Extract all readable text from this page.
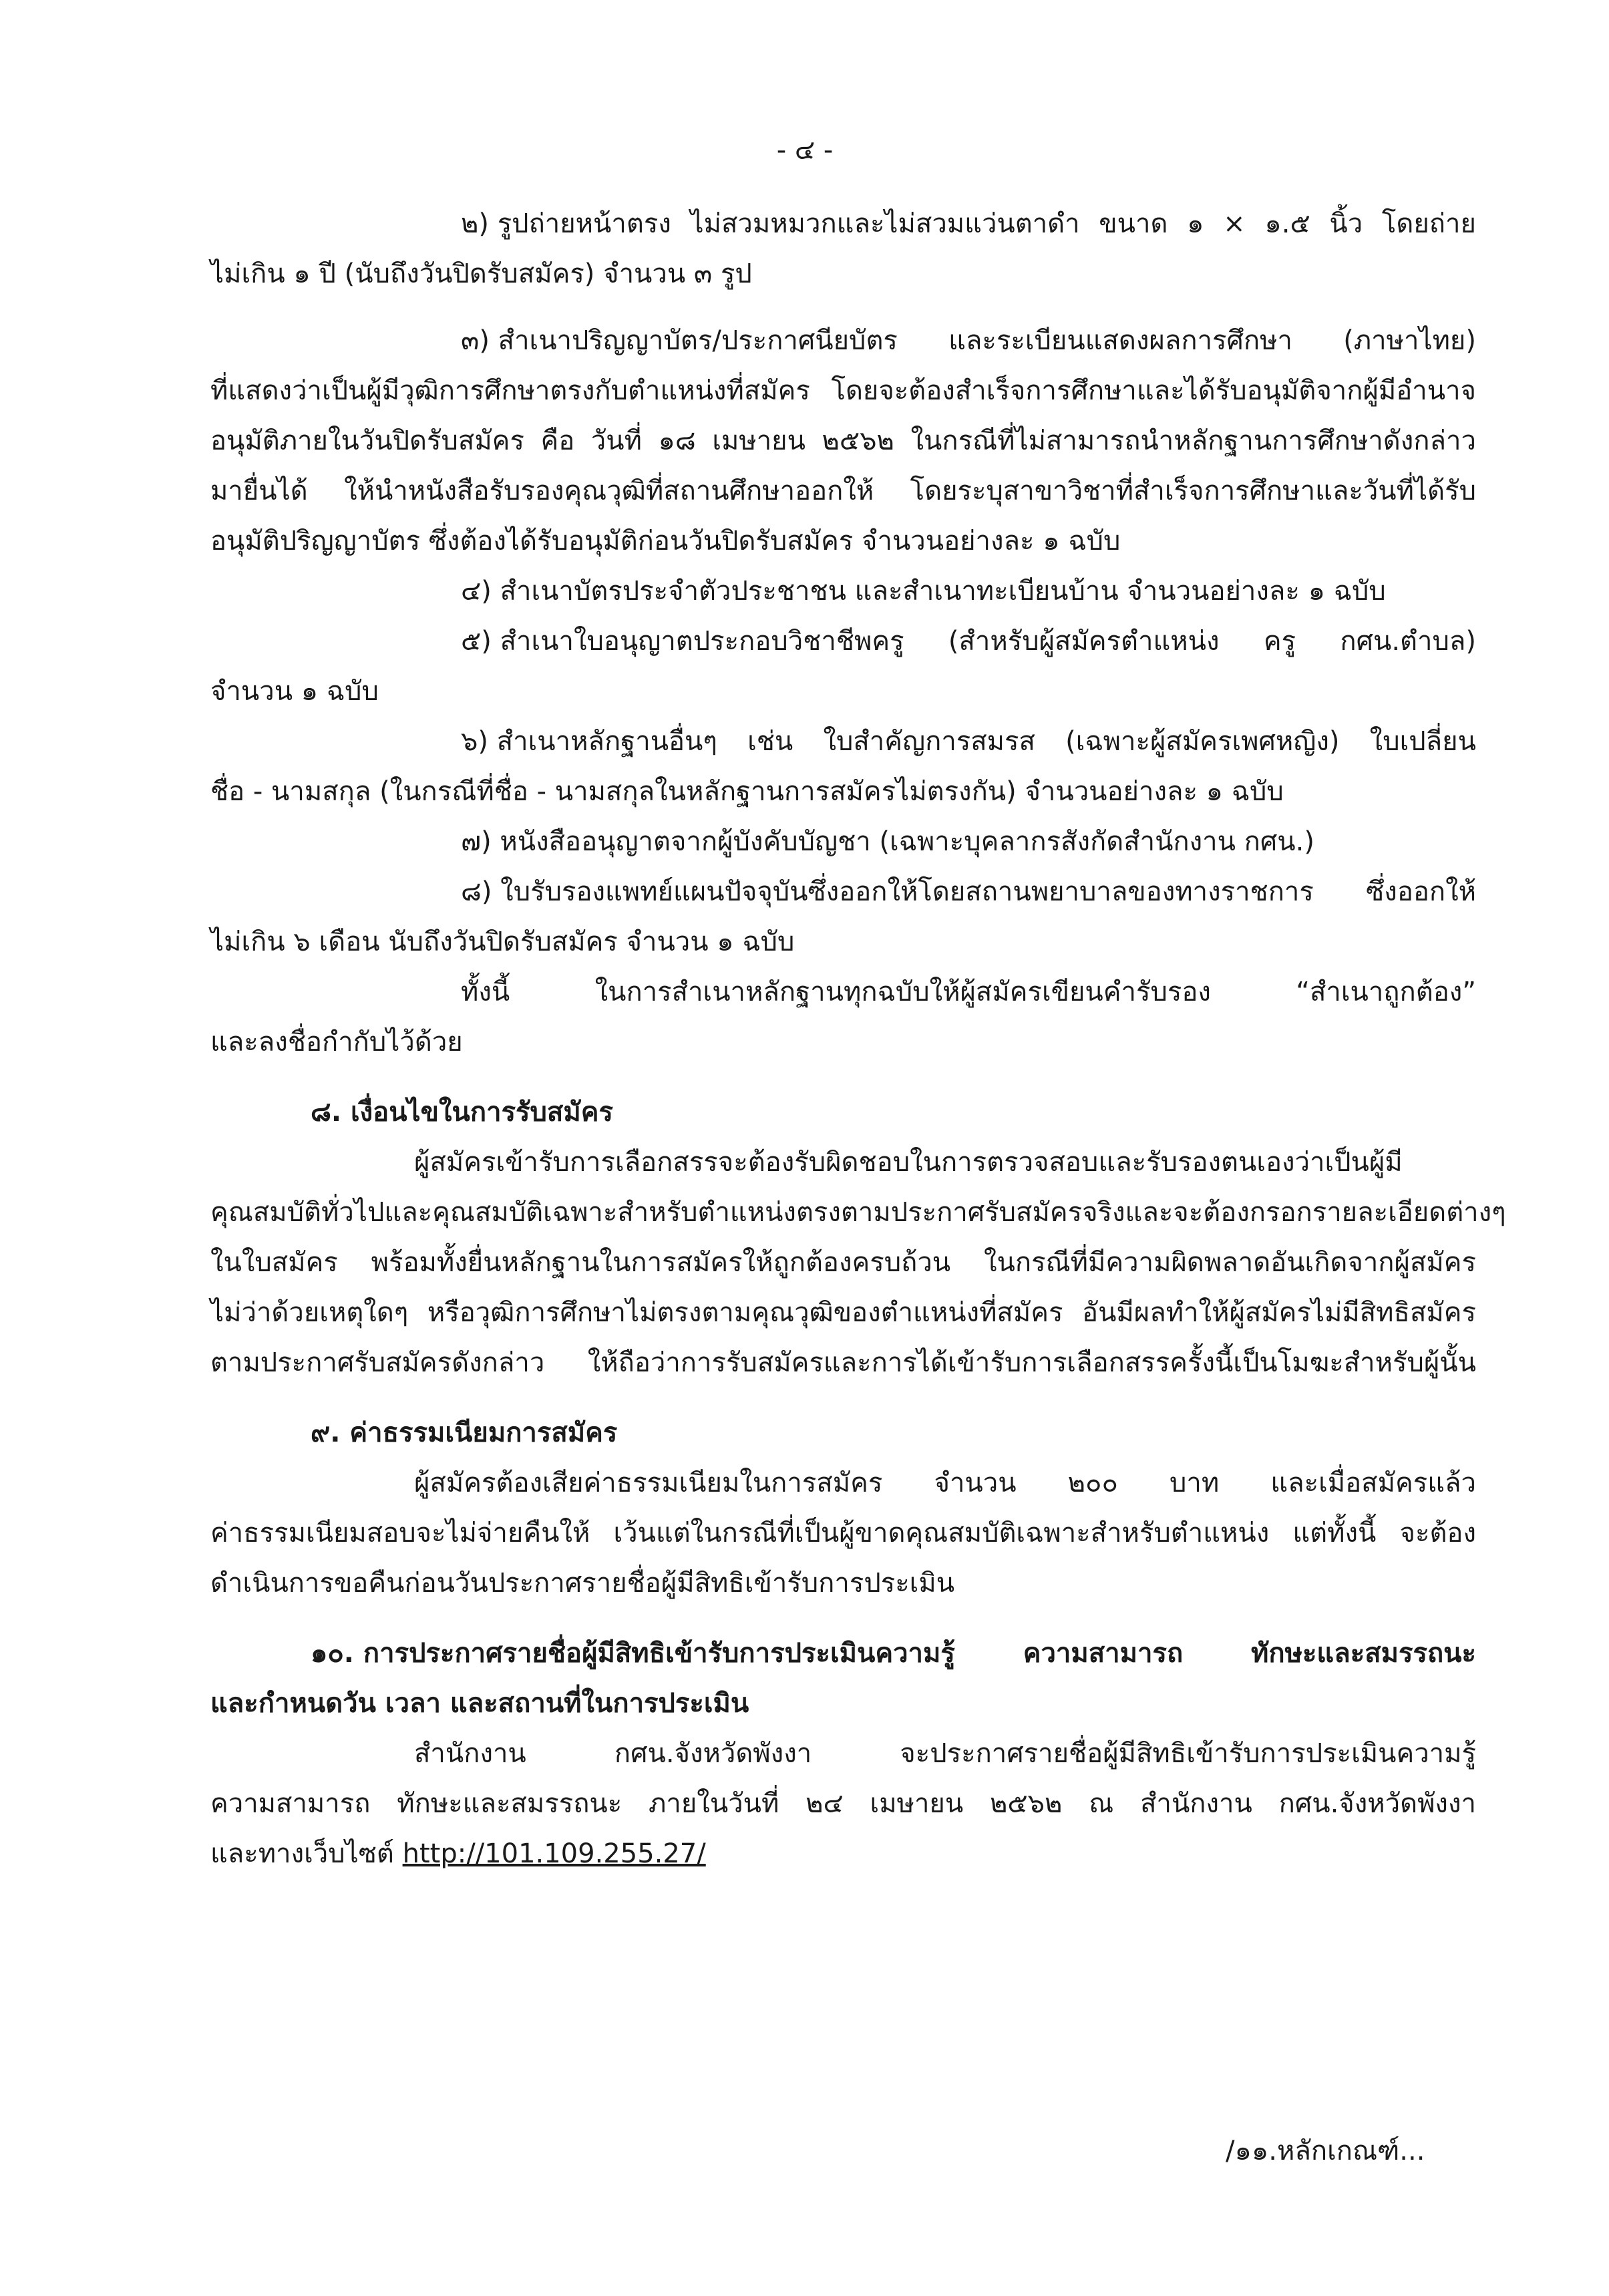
- ๔ -
๒) รูปถ่ายหน้าตรง ไม่สวมหมวกและไม่สวมแว่นตาดำ ขนาด ๑ × ๑.๕ นิ้ว โดยถ่าย
ไม่เกิน ๑ ปี (นับถึงวันปิดรับสมัคร) จำนวน ๓ รูป
๓) สำเนาปริญญาบัตร/ประกาศนียบัตร และระเบียนแสดงผลการศึกษา (ภาษาไทย)
ที่แสดงว่าเป็นผู้มีวุฒิการศึกษาตรงกับตำแหน่งที่สมัคร โดยจะต้องสำเร็จการศึกษาและได้รับอนุมัติจากผู้มีอำนาจ
อนุมัติภายในวันปิดรับสมัคร คือ วันที่ ๑๘ เมษายน ๒๕๖๒ ในกรณีที่ไม่สามารถนำหลักฐานการศึกษาดังกล่าว
มายื่นได้ ให้นำหนังสือรับรองคุณวุฒิที่สถานศึกษาออกให้ โดยระบุสาขาวิชาที่สำเร็จการศึกษาและวันที่ได้รับ
อนุมัติปริญญาบัตร ซึ่งต้องได้รับอนุมัติก่อนวันปิดรับสมัคร จำนวนอย่างละ ๑ ฉบับ
๔) สำเนาบัตรประจำตัวประชาชน และสำเนาทะเบียนบ้าน จำนวนอย่างละ ๑ ฉบับ
๕) สำเนาใบอนุญาตประกอบวิชาชีพครู (สำหรับผู้สมัครตำแหน่ง ครู กศน.ตำบล)
จำนวน ๑ ฉบับ
๖) สำเนาหลักฐานอื่นๆ เช่น ใบสำคัญการสมรส (เฉพาะผู้สมัครเพศหญิง) ใบเปลี่ยน
ชื่อ - นามสกุล (ในกรณีที่ชื่อ - นามสกุลในหลักฐานการสมัครไม่ตรงกัน) จำนวนอย่างละ ๑ ฉบับ
๗) หนังสืออนุญาตจากผู้บังคับบัญชา (เฉพาะบุคลากรสังกัดสำนักงาน กศน.)
๘) ใบรับรองแพทย์แผนปัจจุบันซึ่งออกให้โดยสถานพยาบาลของทางราชการ ซึ่งออกให้
ไม่เกิน ๖ เดือน นับถึงวันปิดรับสมัคร จำนวน ๑ ฉบับ
ทั้งนี้	ในการสำเนาหลักฐานทุกฉบับให้ผู้สมัครเขียนคำรับรอง	“สำเนาถูกต้อง”
และลงชื่อกำกับไว้ด้วย
๘. เงื่อนไขในการรับสมัคร
ผู้สมัครเข้ารับการเลือกสรรจะต้องรับผิดชอบในการตรวจสอบและรับรองตนเองว่าเป็นผู้มี
คุณสมบัติทั่วไปและคุณสมบัติเฉพาะสำหรับตำแหน่งตรงตามประกาศรับสมัครจริง และจะต้องกรอกรายละเอียดต่างๆ
ในใบสมัคร พร้อมทั้งยื่นหลักฐานในการสมัครให้ถูกต้องครบถ้วน ในกรณีที่มีความผิดพลาดอันเกิดจากผู้สมัคร
ไม่ว่าด้วยเหตุใดๆ หรือวุฒิการศึกษาไม่ตรงตามคุณวุฒิของตำแหน่งที่สมัคร อันมีผลทำให้ผู้สมัครไม่มีสิทธิสมัคร
ตามประกาศรับสมัครดังกล่าว ให้ถือว่าการรับสมัครและการได้เข้ารับการเลือกสรรครั้งนี้เป็นโมฆะสำหรับผู้นั้น
๙. ค่าธรรมเนียมการสมัคร
ผู้สมัครต้องเสียค่าธรรมเนียมในการสมัคร จำนวน ๒๐๐ บาท และเมื่อสมัครแล้ว
ค่าธรรมเนียมสอบจะไม่จ่ายคืนให้ เว้นแต่ในกรณีที่เป็นผู้ขาดคุณสมบัติเฉพาะสำหรับตำแหน่ง แต่ทั้งนี้ จะต้อง
ดำเนินการขอคืนก่อนวันประกาศรายชื่อผู้มีสิทธิเข้ารับการประเมิน
๑๐. การประกาศรายชื่อผู้มีสิทธิเข้ารับการประเมินความรู้	ความสามารถ	ทักษะและสมรรถนะ
และกำหนดวัน เวลา และสถานที่ในการประเมิน
สำนักงาน	กศน.จังหวัดพังงา	จะประกาศรายชื่อผู้มีสิทธิเข้ารับการประเมินความรู้
ความสามารถ ทักษะและสมรรถนะ ภายในวันที่ ๒๔ เมษายน ๒๕๖๒ ณ สำนักงาน กศน.จังหวัดพังงา
และทางเว็บไซต์ http://101.109.255.27/
/๑๑.หลักเกณฑ์...
